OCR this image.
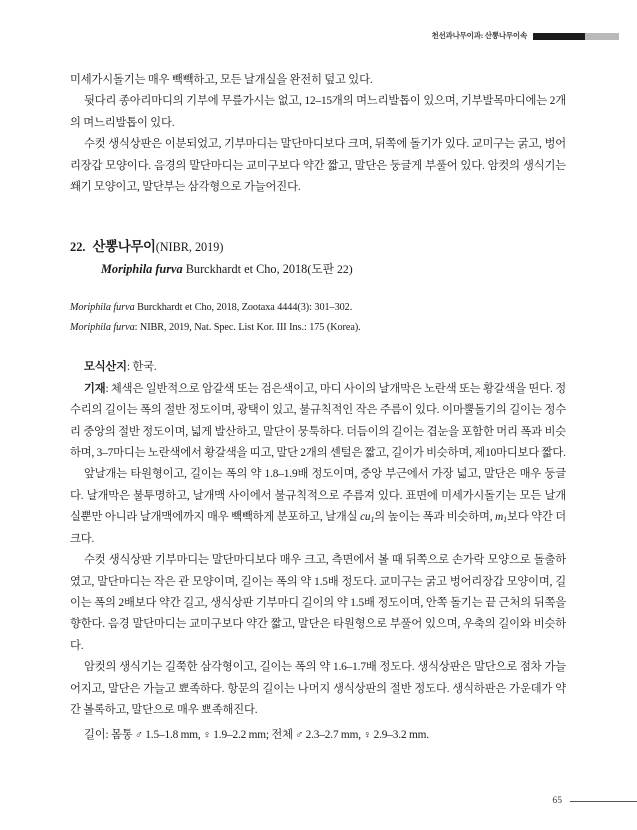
천선과나무이과: 산뽕나무이속

미세가시돌기는 매우 빽빽하고, 모든 날개실을 완전히 덮고 있다.

뒷다리 종아리마디의 기부에 무릎가시는 없고, 12–15개의 며느리발톱이 있으며, 기부발목마디에는 2개의 며느리발톱이 있다.

수컷 생식상판은 이분되었고, 기부마디는 말단마디보다 크며, 뒤쪽에 돌기가 있다. 교미구는 굵고, 벙어리장갑 모양이다. 음경의 말단마디는 교미구보다 약간 짧고, 말단은 둥글게 부풀어 있다. 암컷의 생식기는 쐐기 모양이고, 말단부는 삼각형으로 가늘어진다.

22. 산뽕나무이(NIBR, 2019)
Moriphila furva Burckhardt et Cho, 2018(도판 22)
Moriphila furva Burckhardt et Cho, 2018, Zootaxa 4444(3): 301–302.
Moriphila furva: NIBR, 2019, Nat. Spec. List Kor. III Ins.: 175 (Korea).

모식산지: 한국.

기재: 체색은 일반적으로 암갈색 또는 검은색이고, 마디 사이의 날개막은 노란색 또는 황갈색을 띤다. 정수리의 길이는 폭의 절반 정도이며, 광택이 있고, 불규칙적인 작은 주름이 있다. 이마뿔돌기의 길이는 정수리 중앙의 절반 정도이며, 넓게 발산하고, 말단이 뭉툭하다. 더듬이의 길이는 겹눈을 포함한 머리 폭과 비슷하며, 3–7마디는 노란색에서 황갈색을 띠고, 말단 2개의 센털은 짧고, 길이가 비슷하며, 제10마디보다 짧다.

앞날개는 타원형이고, 길이는 폭의 약 1.8–1.9배 정도이며, 중앙 부근에서 가장 넓고, 말단은 매우 둥글다. 날개막은 불투명하고, 날개맥 사이에서 불규칙적으로 주름져 있다. 표면에 미세가시돌기는 모든 날개실뿐만 아니라 날개맥에까지 매우 빽빽하게 분포하고, 날개실 cu1의 높이는 폭과 비슷하며, m1보다 약간 더 크다.

수컷 생식상판 기부마디는 말단마디보다 매우 크고, 측면에서 볼 때 뒤쪽으로 손가락 모양으로 돌출하였고, 말단마디는 작은 관 모양이며, 길이는 폭의 약 1.5배 정도다. 교미구는 굵고 벙어리장갑 모양이며, 길이는 폭의 2배보다 약간 길고, 생식상판 기부마디 길이의 약 1.5배 정도이며, 안쪽 돌기는 끝 근처의 뒤쪽을 향한다. 음경 말단마디는 교미구보다 약간 짧고, 말단은 타원형으로 부풀어 있으며, 우축의 길이와 비슷하다.

암컷의 생식기는 길쭉한 삼각형이고, 길이는 폭의 약 1.6–1.7배 정도다. 생식상판은 말단으로 점차 가늘어지고, 말단은 가늘고 뾰족하다. 항문의 길이는 나머지 생식상판의 절반 정도다. 생식하판은 가운데가 약간 볼록하고, 말단으로 매우 뾰족해진다.

길이: 몸통 ♂ 1.5–1.8 mm, ♀ 1.9–2.2 mm; 전체 ♂ 2.3–2.7 mm, ♀ 2.9–3.2 mm.

65
